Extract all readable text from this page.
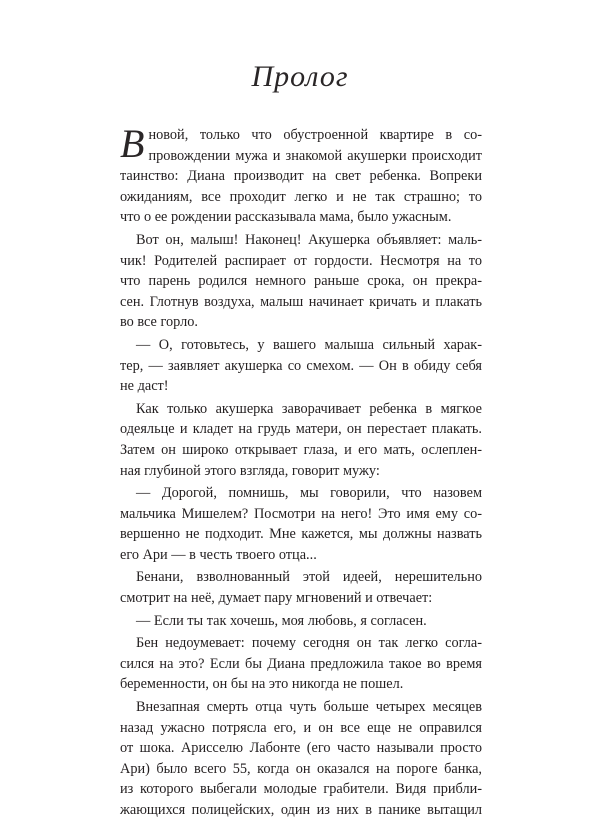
Пролог
В новой, только что обустроенной квартире в со-
провождении мужа и знакомой акушерки происходит
таинство: Диана производит на свет ребенка. Вопреки
ожиданиям, все проходит легко и не так страшно; то
что о ее рождении рассказывала мама, было ужасным.
Вот он, малыш! Наконец! Акушерка объявляет: маль-
чик! Родителей распирает от гордости. Несмотря на то
что парень родился немного раньше срока, он прекра-
сен. Глотнув воздуха, малыш начинает кричать и плакать
во все горло.
— О, готовьтесь, у вашего малыша сильный харак-
тер, — заявляет акушерка со смехом. — Он в обиду себя
не даст!
Как только акушерка заворачивает ребенка в мягкое
одеяльце и кладет на грудь матери, он перестает плакать.
Затем он широко открывает глаза, и его мать, ослеплен-
ная глубиной этого взгляда, говорит мужу:
— Дорогой, помнишь, мы говорили, что назовем
мальчика Мишелем? Посмотри на него! Это имя ему со-
вершенно не подходит. Мне кажется, мы должны назвать
его Ари — в честь твоего отца...
Бенани, взволнованный этой идеей, нерешительно
смотрит на неё, думает пару мгновений и отвечает:
— Если ты так хочешь, моя любовь, я согласен.
Бен недоумевает: почему сегодня он так легко согла-
сился на это? Если бы Диана предложила такое во время
беременности, он бы на это никогда не пошел.
Внезапная смерть отца чуть больше четырех месяцев
назад ужасно потрясла его, и он все еще не оправился
от шока. Арисселю Лабонте (его часто называли просто
Ари) было всего 55, когда он оказался на пороге банка,
из которого выбегали молодые грабители. Видя прибли-
жающихся полицейских, один из них в панике вытащил
